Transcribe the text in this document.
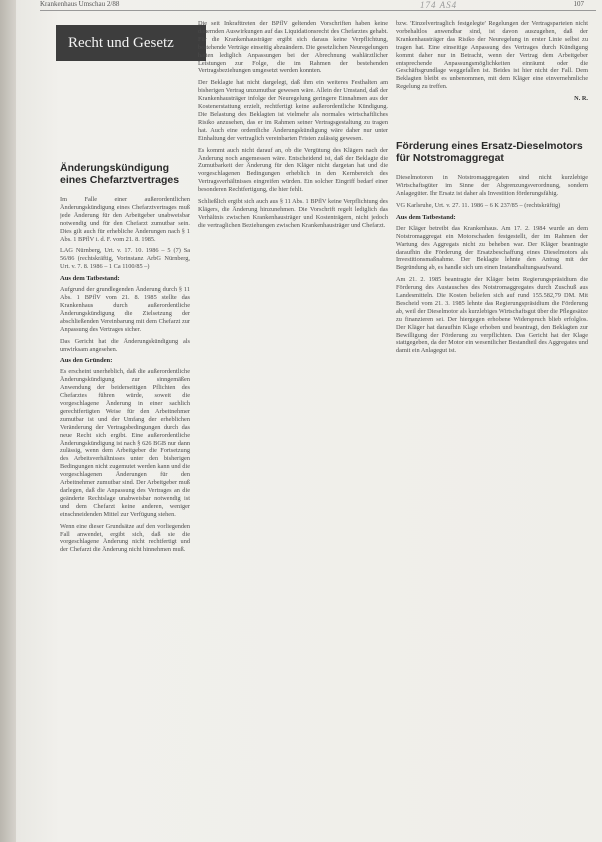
Krankenhaus Umschau 2/88	107
174 AS4
Recht und Gesetz
Änderungskündigung eines Chefarztvertrages

Im Falle einer außerordentlichen Änderungskündigung eines Chefarztvertrages muß jede Änderung für den Arbeitgeber unabweisbar notwendig und für den Chefarzt zumutbar sein. Dies gilt auch für erhebliche Änderungen nach § 1 Abs. 1 BPflV i. d. F. vom 21. 8. 1985.

LAG Nürnberg, Urt. v. 17. 10. 1986 – 5 (7) Sa 56/86 (rechtskräftig, Vorinstanz ArbG Nürnberg, Urt. v. 7. 8. 1986 – 1 Ca 1100/85 –)

Aus dem Tatbestand:

Aufgrund der grundlegenden Änderung durch § 11 Abs. 1 BPflV vom 21. 8. 1985 stellte das Krankenhaus durch außerordentliche Änderungskündigung die Zielsetzung der abschließenden Vereinbarung mit dem Chefarzt zur Anpassung des Vertrages sicher.

Das Gericht hat die Änderungskündigung als unwirksam angesehen.

Aus den Gründen:

Es erscheint unerheblich, daß die außerordentliche Änderungskündigung zur sinngemäßen Anwendung der beiderseitigen Pflichten des Chefarztes führen würde, soweit die vorgeschlagene Änderung in einer sachlich gerechtfertigten Weise für den Arbeitnehmer zumutbar ist und der Umfang der erheblichen Veränderung der Vertragsbedingungen durch das neue Recht sich ergibt. Eine außerordentliche Änderungskündigung ist nach § 626 BGB nur dann zulässig, wenn dem Arbeitgeber die Fortsetzung des Arbeitsverhältnisses unter den bisherigen Bedingungen nicht zugemutet werden kann und die vorgeschlagenen Änderungen für den Arbeitnehmer zumutbar sind. Der Arbeitgeber muß darlegen, daß die Anpassung des Vertrages an die geänderte Rechtslage unabweisbar notwendig ist und dem Chefarzt keine anderen, weniger einschneidenden Mittel zur Verfügung stehen.

Wenn eine dieser Grundsätze auf den vorliegenden Fall anwendet, ergibt sich, daß sie die vorgeschlagene Änderung nicht rechtfertigt und der Chefarzt die Änderung nicht hinnehmen muß.

Die seit Inkrafttreten der BPflV geltenden Vorschriften haben keine dauernden Auswirkungen auf das Liquidationsrecht des Chefarztes gehabt. Für die Krankenhausträger ergibt sich daraus keine Verpflichtung, bestehende Verträge einseitig abzuändern. Die gesetzlichen Neuregelungen hatten lediglich Anpassungen bei der Abrechnung wahlärztlicher Leistungen zur Folge, die im Rahmen der bestehenden Vertragsbeziehungen umgesetzt werden konnten.

Der Beklagte hat nicht dargelegt, daß ihm ein weiteres Festhalten am bisherigen Vertrag unzumutbar gewesen wäre. Allein der Umstand, daß der Krankenhausträger infolge der Neuregelung geringere Einnahmen aus der Kostenerstattung erzielt, rechtfertigt keine außerordentliche Kündigung. Die Belastung des Beklagten ist vielmehr als normales wirtschaftliches Risiko anzusehen, das er im Rahmen seiner Vertragsgestaltung zu tragen hat. Auch eine ordentliche Änderungskündigung wäre daher nur unter Einhaltung der vertraglich vereinbarten Fristen zulässig gewesen.

Es kommt auch nicht darauf an, ob die Vergütung des Klägers nach der Änderung noch angemessen wäre. Entscheidend ist, daß der Beklagte die Zumutbarkeit der Änderung für den Kläger nicht dargetan hat und die vorgeschlagenen Bedingungen erheblich in den Kernbereich des Vertragsverhältnisses eingreifen würden. Ein solcher Eingriff bedarf einer besonderen Rechtfertigung, die hier fehlt.

Schließlich ergibt sich auch aus § 11 Abs. 1 BPflV keine Verpflichtung des Klägers, die Änderung hinzunehmen. Die Vorschrift regelt lediglich das Verhältnis zwischen Krankenhausträger und Kostenträgern, nicht jedoch die vertraglichen Beziehungen zwischen Krankenhausträger und Chefarzt.

bzw. 'Einzelvertraglich festgelegte' Regelungen der Vertragsparteien nicht vorbehaltlos anwendbar sind, ist davon auszugehen, daß der Krankenhausträger das Risiko der Neuregelung in erster Linie selbst zu tragen hat. Eine einseitige Anpassung des Vertrages durch Kündigung kommt daher nur in Betracht, wenn der Vertrag dem Arbeitgeber entsprechende Anpassungsmöglichkeiten einräumt oder die Geschäftsgrundlage weggefallen ist. Beides ist hier nicht der Fall. Dem Beklagten bleibt es unbenommen, mit dem Kläger eine einvernehmliche Regelung zu treffen.

N. R.
Förderung eines Ersatz-Dieselmotors für Notstromaggregat

Dieselmotoren in Notstromaggregaten sind nicht kurzlebige Wirtschaftsgüter im Sinne der Abgrenzungsverordnung, sondern Anlagegüter. Ihr Ersatz ist daher als Investition förderungsfähig.

VG Karlsruhe, Urt. v. 27. 11. 1986 – 6 K 237/85 – (rechtskräftig)

Aus dem Tatbestand:

Der Kläger betreibt das Krankenhaus. Am 17. 2. 1984 wurde an dem Notstromaggregat ein Motorschaden festgestellt, der im Rahmen der Wartung des Aggregats nicht zu beheben war. Der Kläger beantragte daraufhin die Förderung der Ersatzbeschaffung eines Dieselmotors als Investitionsmaßnahme. Der Beklagte lehnte den Antrag mit der Begründung ab, es handle sich um einen Instandhaltungsaufwand.

Am 21. 2. 1985 beantragte der Kläger beim Regierungspräsidium die Förderung des Austausches des Notstromaggregates durch Zuschuß aus Landesmitteln. Die Kosten beliefen sich auf rund 155.582,79 DM. Mit Bescheid vom 21. 3. 1985 lehnte das Regierungspräsidium die Förderung ab, weil der Dieselmotor als kurzlebiges Wirtschaftsgut über die Pflegesätze zu finanzieren sei. Der hiergegen erhobene Widerspruch blieb erfolglos. Der Kläger hat daraufhin Klage erhoben und beantragt, den Beklagten zur Bewilligung der Förderung zu verpflichten. Das Gericht hat der Klage stattgegeben, da der Motor ein wesentlicher Bestandteil des Aggregates und damit ein Anlagegut ist.
